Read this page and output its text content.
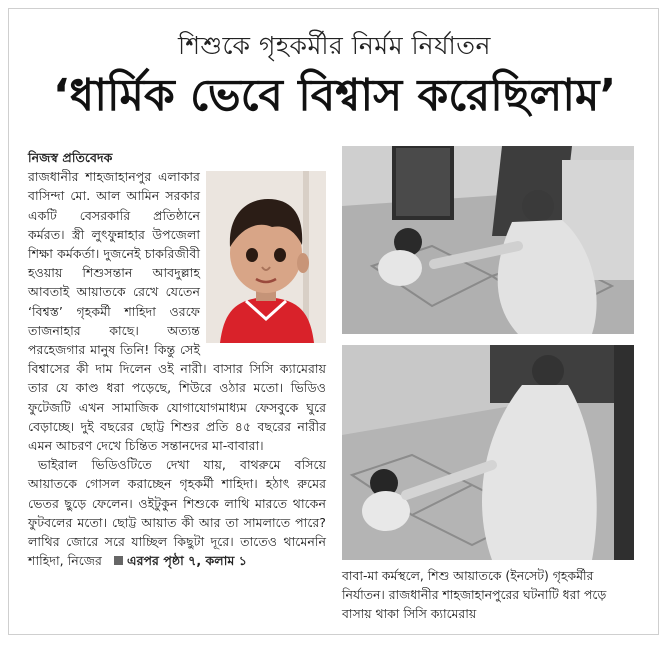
শিশুকে গৃহকর্মীর নির্মম নির্যাতন
‘ধার্মিক ভেবে বিশ্বাস করেছিলাম’
নিজস্ব প্রতিবেদক

রাজধানীর শাহজাহানপুর এলাকার বাসিন্দা মো. আল আমিন সরকার একটি বেসরকারি প্রতিষ্ঠানে কর্মরত। স্ত্রী লুৎফুন্নাহার উপজেলা শিক্ষা কর্মকর্তা। দুজনেই চাকরিজীবী হওয়ায় শিশুসন্তান আবদুল্লাহ আবতাই আয়াতকে রেখে যেতেন ‘বিশ্বস্ত’ গৃহকর্মী শাহিদা ওরফে তাজনাহার কাছে। অত্যন্ত পরহেজগার মানুষ তিনি! কিন্তু সেই বিশ্বাসের কী দাম দিলেন ওই নারী। বাসার সিসি ক্যামেরায় তার যে কাণ্ড ধরা পড়েছে, শিউরে ওঠার মতো। ভিডিও ফুটেজটি এখন সামাজিক যোগাযোগমাধ্যম ফেসবুকে ঘুরে বেড়াচ্ছে। দুই বছরের ছোট্ট শিশুর প্রতি ৪৫ বছরের নারীর এমন আচরণ দেখে চিন্তিত সন্তানদের মা-বাবারা।

ভাইরাল ভিডিওটিতে দেখা যায়, বাথরুমে বসিয়ে আয়াতকে গোসল করাচ্ছেন গৃহকর্মী শাহিদা। হঠাৎ রুমের ভেতর ছুড়ে ফেলেন। ওইটুকুন শিশুকে লাথি মারতে থাকেন ফুটবলের মতো। ছোট্ট আয়াত কী আর তা সামলাতে পারে? লাথির জোরে সরে যাচ্ছিল কিছুটা দূরে। তাতেও থামেননি শাহিদা, নিজের এরপর পৃষ্ঠা ৭, কলাম ১

বাবা-মা কর্মস্থলে, শিশু আয়াতকে (ইনসেট) গৃহকর্মীর নির্যাতন। রাজধানীর শাহজাহানপুরের ঘটনাটি ধরা পড়ে বাসায় থাকা সিসি ক্যামেরায়
